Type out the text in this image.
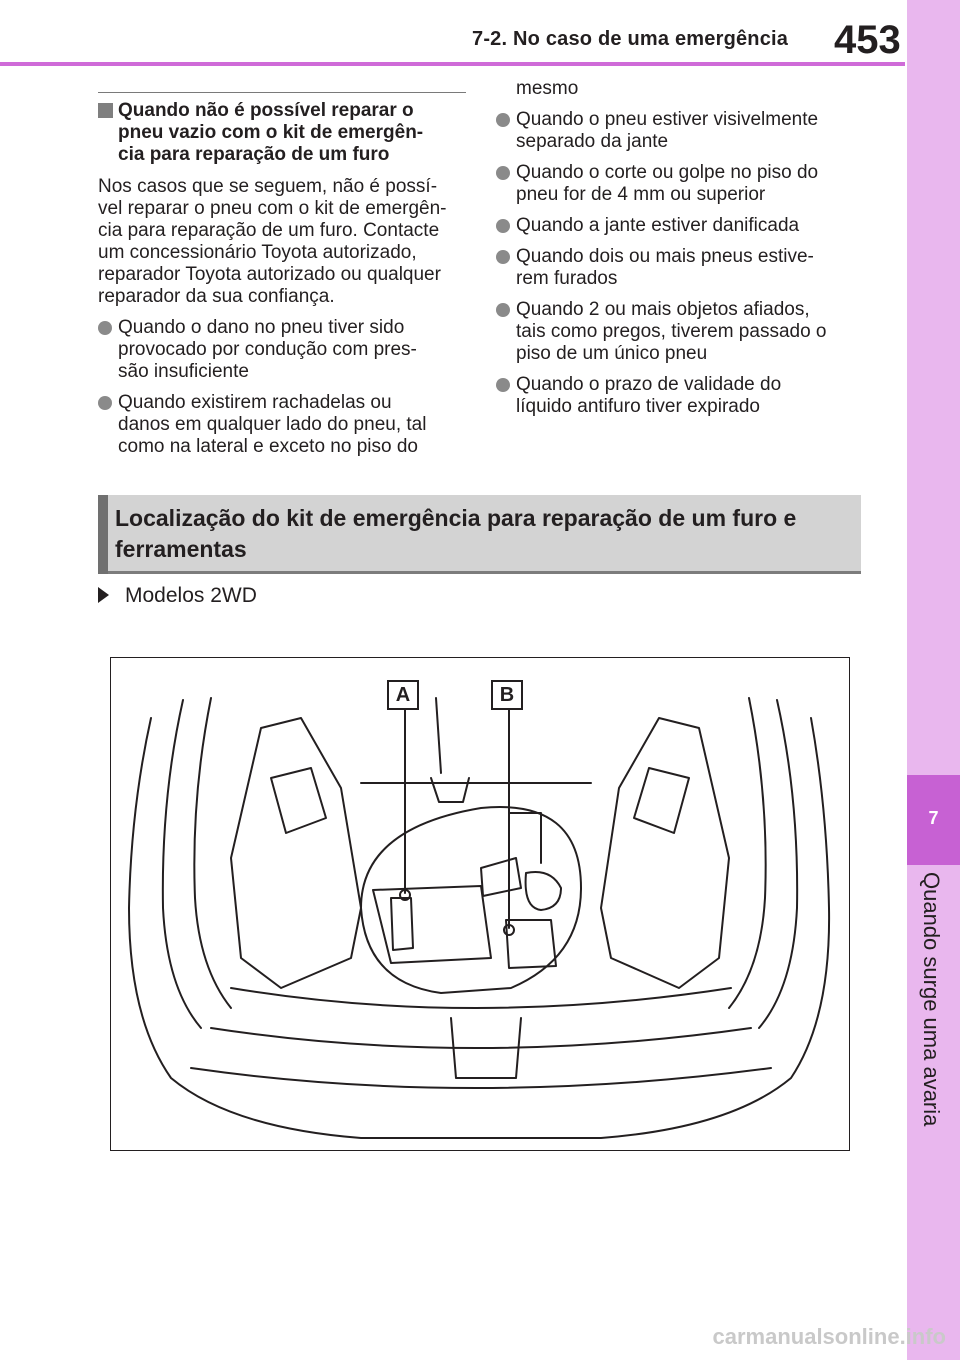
7-2. No caso de uma emergência 453
7
Quando surge uma avaria
Quando não é possível reparar o
pneu vazio com o kit de emergên-
cia para reparação de um furo
Nos casos que se seguem, não é possí-
vel reparar o pneu com o kit de emergên-
cia para reparação de um furo. Contacte
um concessionário Toyota autorizado,
reparador Toyota autorizado ou qualquer
reparador da sua confiança.
Quando o dano no pneu tiver sido
provocado por condução com pres-
são insuficiente
Quando existirem rachadelas ou
danos em qualquer lado do pneu, tal
como na lateral e exceto no piso do
mesmo
Quando o pneu estiver visivelmente
separado da jante
Quando o corte ou golpe no piso do
pneu for de 4 mm ou superior
Quando a jante estiver danificada
Quando dois ou mais pneus estive-
rem furados
Quando 2 ou mais objetos afiados,
tais como pregos, tiverem passado o
piso de um único pneu
Quando o prazo de validade do
líquido antifuro tiver expirado
Localização do kit de emergência para reparação de um furo e
ferramentas
Modelos 2WD
A	B
carmanualsonline.info
